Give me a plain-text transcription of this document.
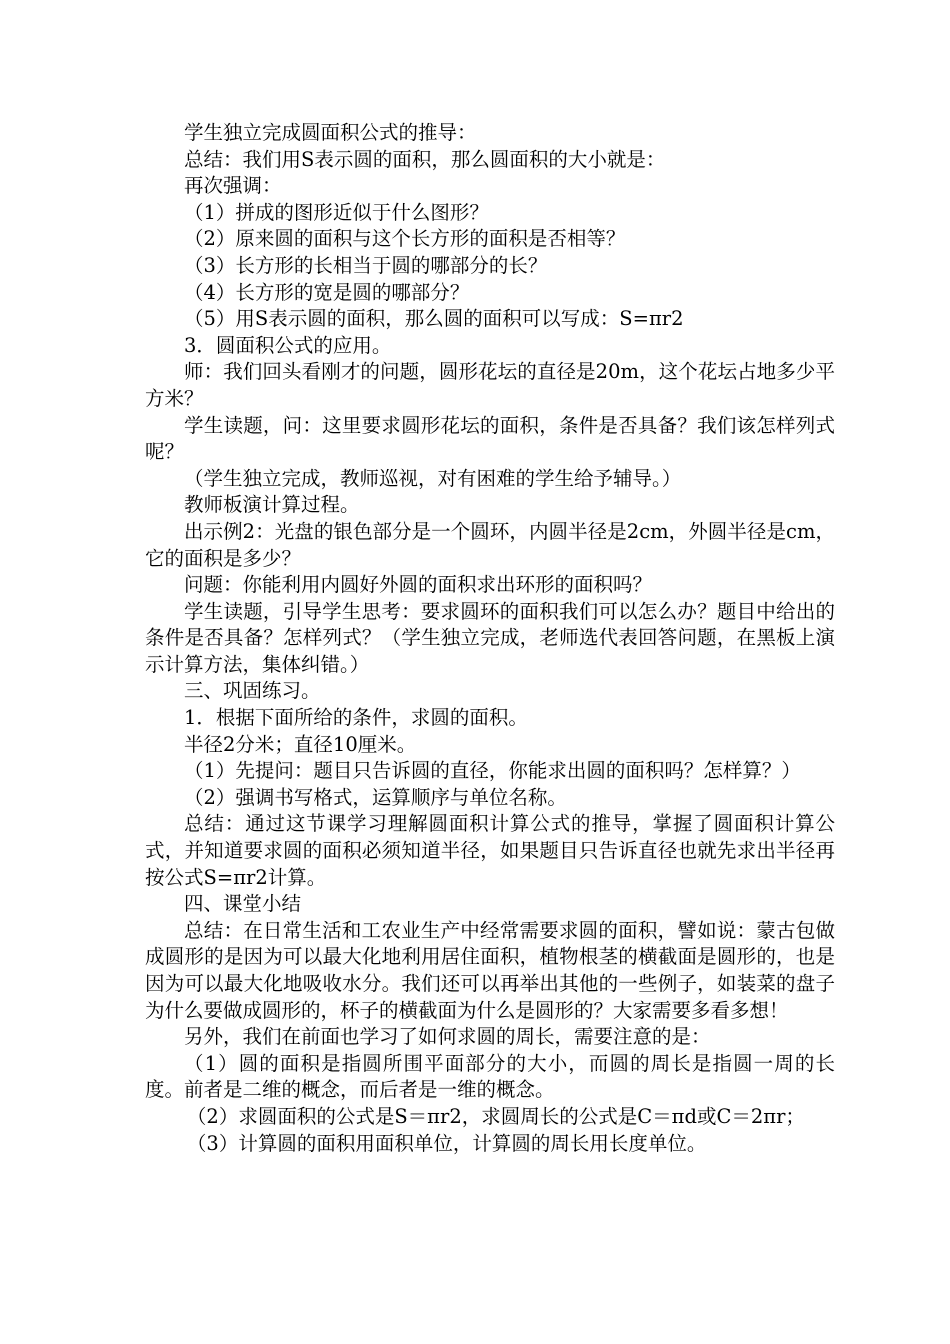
学生独立完成圆面积公式的推导：

总结：我们用S表示圆的面积，那么圆面积的大小就是：

再次强调：

（1）拼成的图形近似于什么图形？

（2）原来圆的面积与这个长方形的面积是否相等？

（3）长方形的长相当于圆的哪部分的长？

（4）长方形的宽是圆的哪部分？

（5）用S表示圆的面积，那么圆的面积可以写成：S=πr2

3．圆面积公式的应用。

师：我们回头看刚才的问题，圆形花坛的直径是20m，这个花坛占地多少平方米？

学生读题，问：这里要求圆形花坛的面积，条件是否具备？我们该怎样列式呢？

（学生独立完成，教师巡视，对有困难的学生给予辅导。）

教师板演计算过程。

出示例2：光盘的银色部分是一个圆环，内圆半径是2cm，外圆半径是cm，它的面积是多少？

问题：你能利用内圆好外圆的面积求出环形的面积吗？

学生读题，引导学生思考：要求圆环的面积我们可以怎么办？题目中给出的条件是否具备？怎样列式？（学生独立完成，老师选代表回答问题，在黑板上演示计算方法，集体纠错。）

三、巩固练习。

1．根据下面所给的条件，求圆的面积。

半径2分米；直径10厘米。

（1）先提问：题目只告诉圆的直径，你能求出圆的面积吗？怎样算？）

（2）强调书写格式，运算顺序与单位名称。

总结：通过这节课学习理解圆面积计算公式的推导，掌握了圆面积计算公式，并知道要求圆的面积必须知道半径，如果题目只告诉直径也就先求出半径再按公式S=πr2计算。

四、课堂小结

总结：在日常生活和工农业生产中经常需要求圆的面积，譬如说：蒙古包做成圆形的是因为可以最大化地利用居住面积，植物根茎的横截面是圆形的，也是因为可以最大化地吸收水分。我们还可以再举出其他的一些例子，如装菜的盘子为什么要做成圆形的，杯子的横截面为什么是圆形的？大家需要多看多想！

另外，我们在前面也学习了如何求圆的周长，需要注意的是：

（1）圆的面积是指圆所围平面部分的大小，而圆的周长是指圆一周的长度。前者是二维的概念，而后者是一维的概念。

（2）求圆面积的公式是S＝πr2，求圆周长的公式是C＝πd或C＝2πr；

（3）计算圆的面积用面积单位，计算圆的周长用长度单位。
